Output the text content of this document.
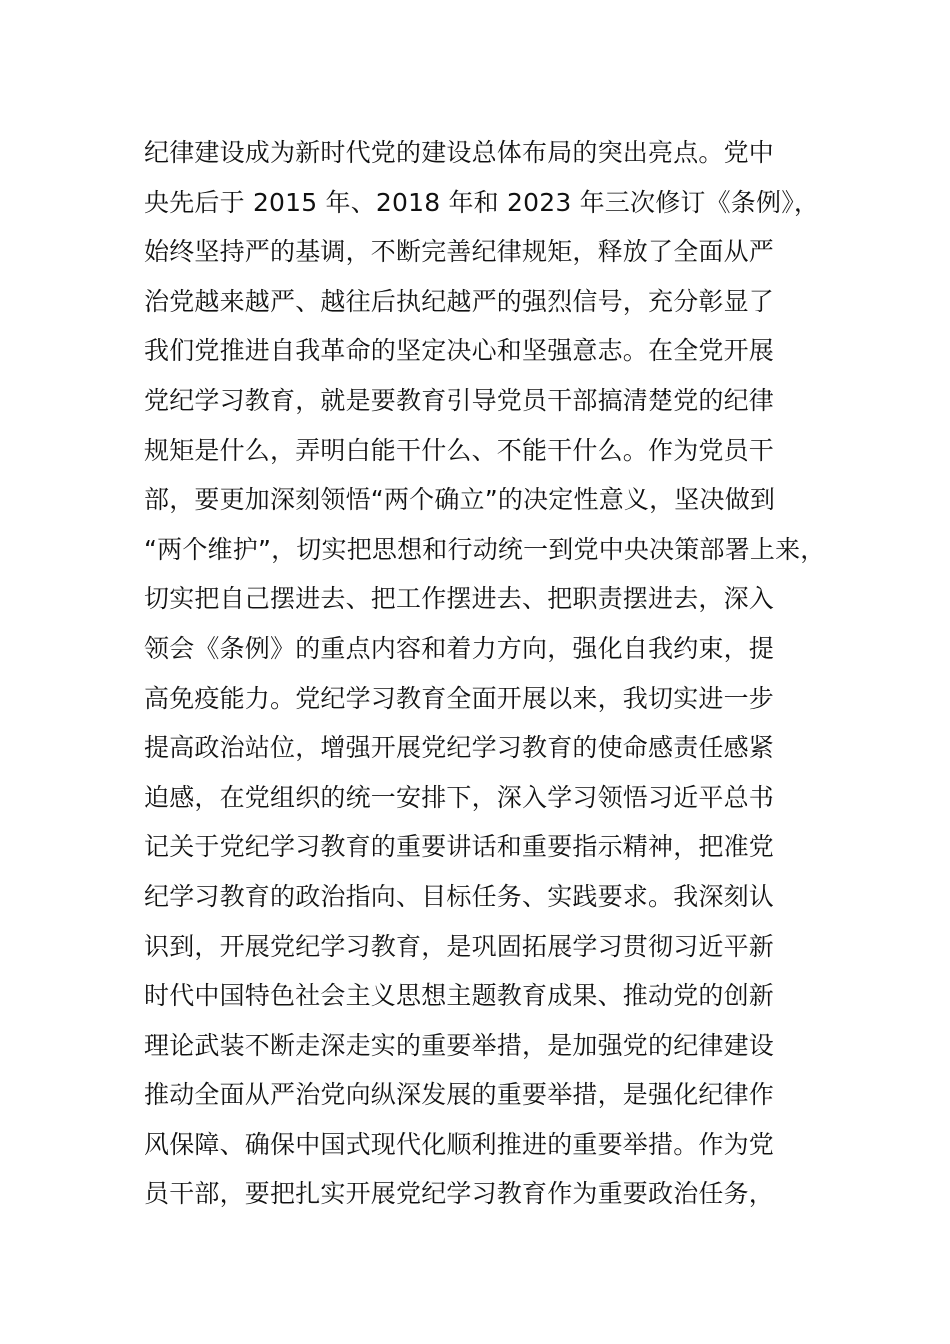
纪律建设成为新时代党的建设总体布局的突出亮点。党中
央先后于 2015 年、2018 年和 2023 年三次修订《条例》，
始终坚持严的基调，不断完善纪律规矩，释放了全面从严
治党越来越严、越往后执纪越严的强烈信号，充分彰显了
我们党推进自我革命的坚定决心和坚强意志。在全党开展
党纪学习教育，就是要教育引导党员干部搞清楚党的纪律
规矩是什么，弄明白能干什么、不能干什么。作为党员干
部，要更加深刻领悟“两个确立”的决定性意义，坚决做到
“两个维护”，切实把思想和行动统一到党中央决策部署上来，
切实把自己摆进去、把工作摆进去、把职责摆进去，深入
领会《条例》的重点内容和着力方向，强化自我约束，提
高免疫能力。党纪学习教育全面开展以来，我切实进一步
提高政治站位，增强开展党纪学习教育的使命感责任感紧
迫感，在党组织的统一安排下，深入学习领悟习近平总书
记关于党纪学习教育的重要讲话和重要指示精神，把准党
纪学习教育的政治指向、目标任务、实践要求。我深刻认
识到，开展党纪学习教育，是巩固拓展学习贯彻习近平新
时代中国特色社会主义思想主题教育成果、推动党的创新
理论武装不断走深走实的重要举措，是加强党的纪律建设
推动全面从严治党向纵深发展的重要举措，是强化纪律作
风保障、确保中国式现代化顺利推进的重要举措。作为党
员干部，要把扎实开展党纪学习教育作为重要政治任务，
